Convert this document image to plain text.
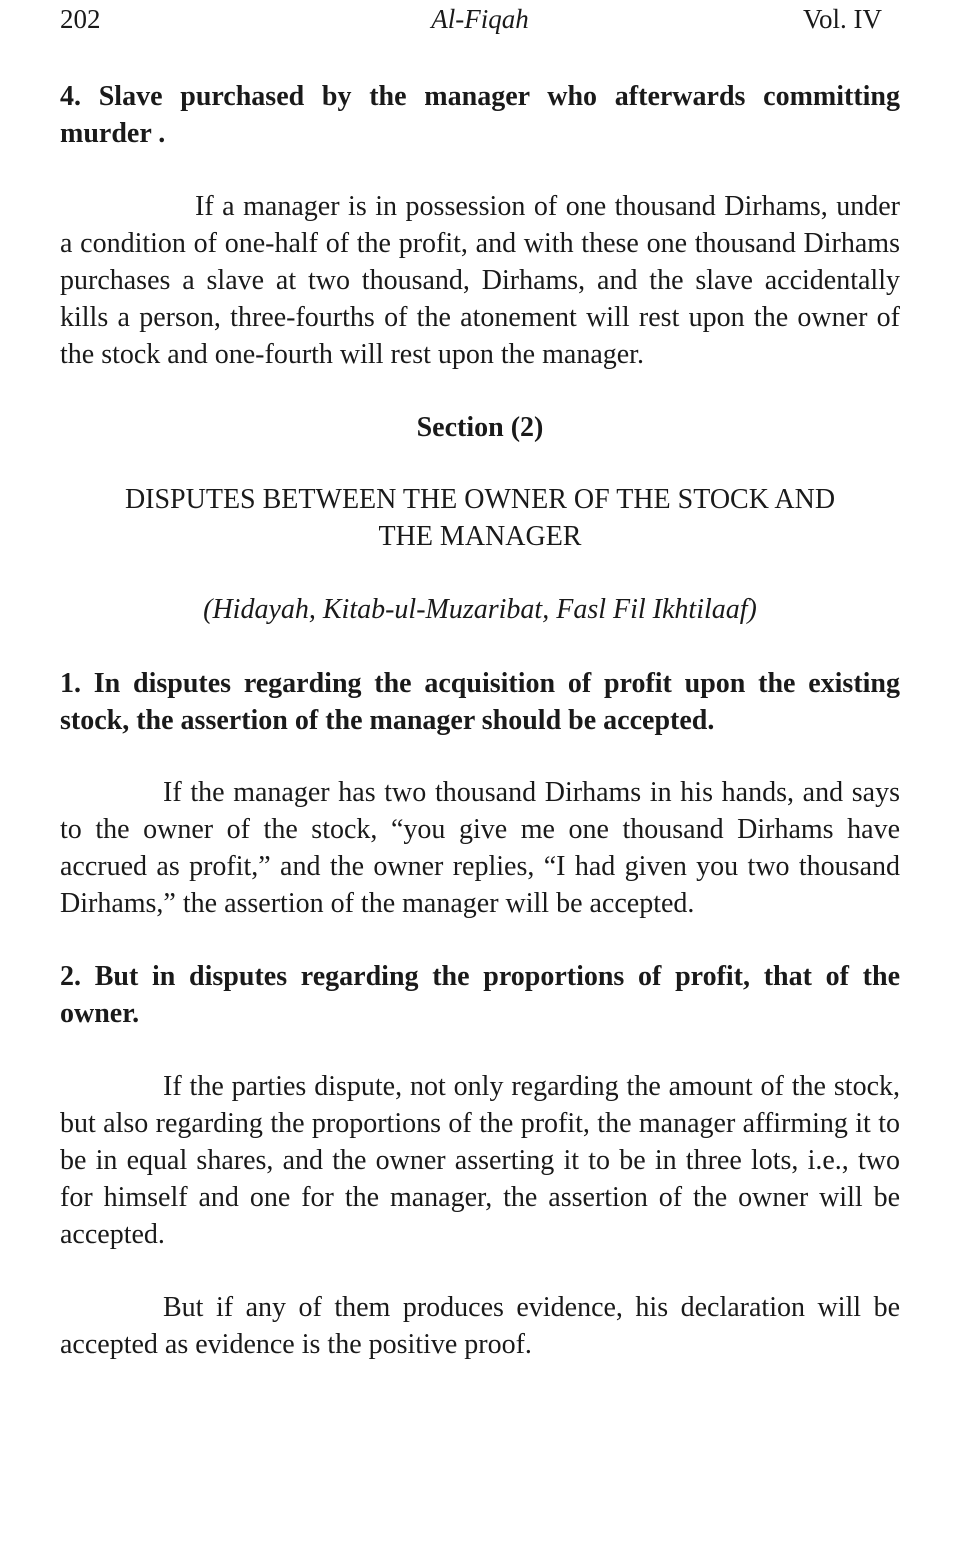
202	Al-Fiqah	Vol. IV

4. Slave purchased by the manager who afterwards committing murder .

If a manager is in possession of one thousand Dirhams, under a condition of one-half of the profit, and with these one thousand Dirhams purchases a slave at two thousand, Dirhams, and the slave accidentally kills a person, three-fourths of the atonement will rest upon the owner of the stock and one-fourth will rest upon the manager.

Section (2)

DISPUTES BETWEEN THE OWNER OF THE STOCK AND
THE MANAGER

(Hidayah, Kitab-ul-Muzaribat, Fasl Fil Ikhtilaaf)

1. In disputes regarding the acquisition of profit upon the existing stock, the assertion of the manager should be accepted.

If the manager has two thousand Dirhams in his hands, and says to the owner of the stock, “you give me one thousand Dirhams have accrued as profit,” and the owner replies, “I had given you two thousand Dirhams,” the assertion of the manager will be accepted.

2. But in disputes regarding the proportions of profit, that of the owner.

If the parties dispute, not only regarding the amount of the stock, but also regarding the proportions of the profit, the manager affirming it to be in equal shares, and the owner asserting it to be in three lots, i.e., two for himself and one for the manager, the assertion of the owner will be accepted.

But if any of them produces evidence, his declaration will be accepted as evidence is the positive proof.
